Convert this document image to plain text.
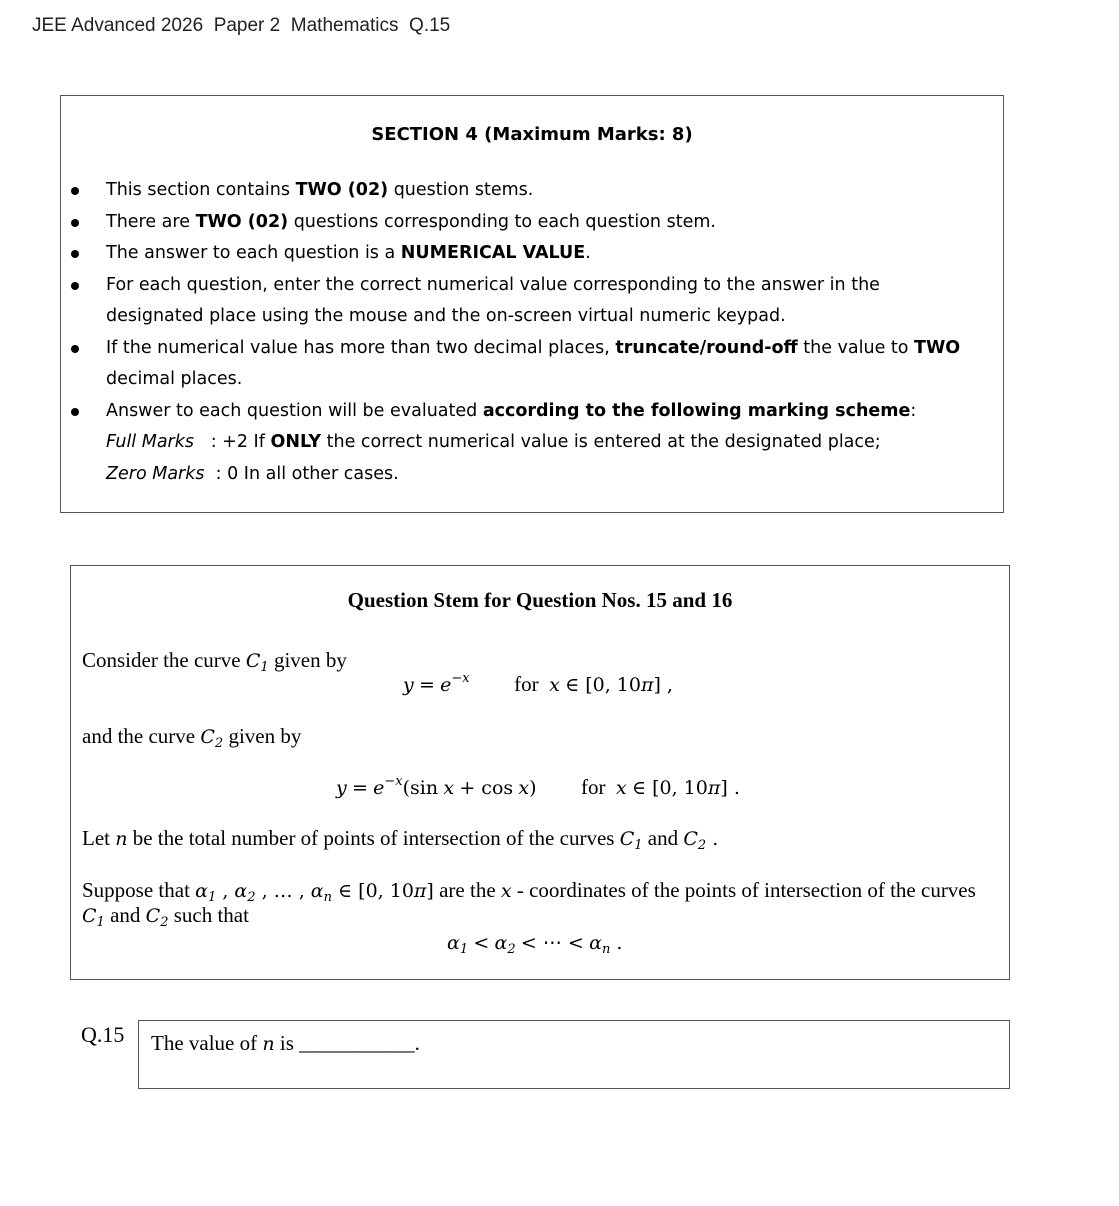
JEE Advanced 2026  Paper 2  Mathematics  Q.15
SECTION 4 (Maximum Marks: 8)
This section contains TWO (02) question stems.
There are TWO (02) questions corresponding to each question stem.
The answer to each question is a NUMERICAL VALUE.
For each question, enter the correct numerical value corresponding to the answer in the
designated place using the mouse and the on-screen virtual numeric keypad.
If the numerical value has more than two decimal places, truncate/round-off the value to TWO
decimal places.
Answer to each question will be evaluated according to the following marking scheme:
Full Marks : +2 If ONLY the correct numerical value is entered at the designated place;
Zero Marks : 0 In all other cases.
Question Stem for Question Nos. 15 and 16
Consider the curve $C_1$ given by
$y = e^{-x}$ for x ∈ [0, 10π] ,
and the curve $C_2$ given by
$y = e^{-x}(\sin$ x + cos x) for x ∈ [0, 10π] .
Let n be the total number of points of intersection of the curves $C_1$ and $C_2$ .
Suppose that $\alpha_1$ , $\alpha_2$ , … , $\alpha_n$ ∈ [0, 10π] are the x - coordinates of the points of intersection of the curves
$C_1$ and $C_2$ such that
$\alpha_1 < \alpha_2$ < ⋯ < $\alpha_n$ .
Q.15 The value of n is ___________.
